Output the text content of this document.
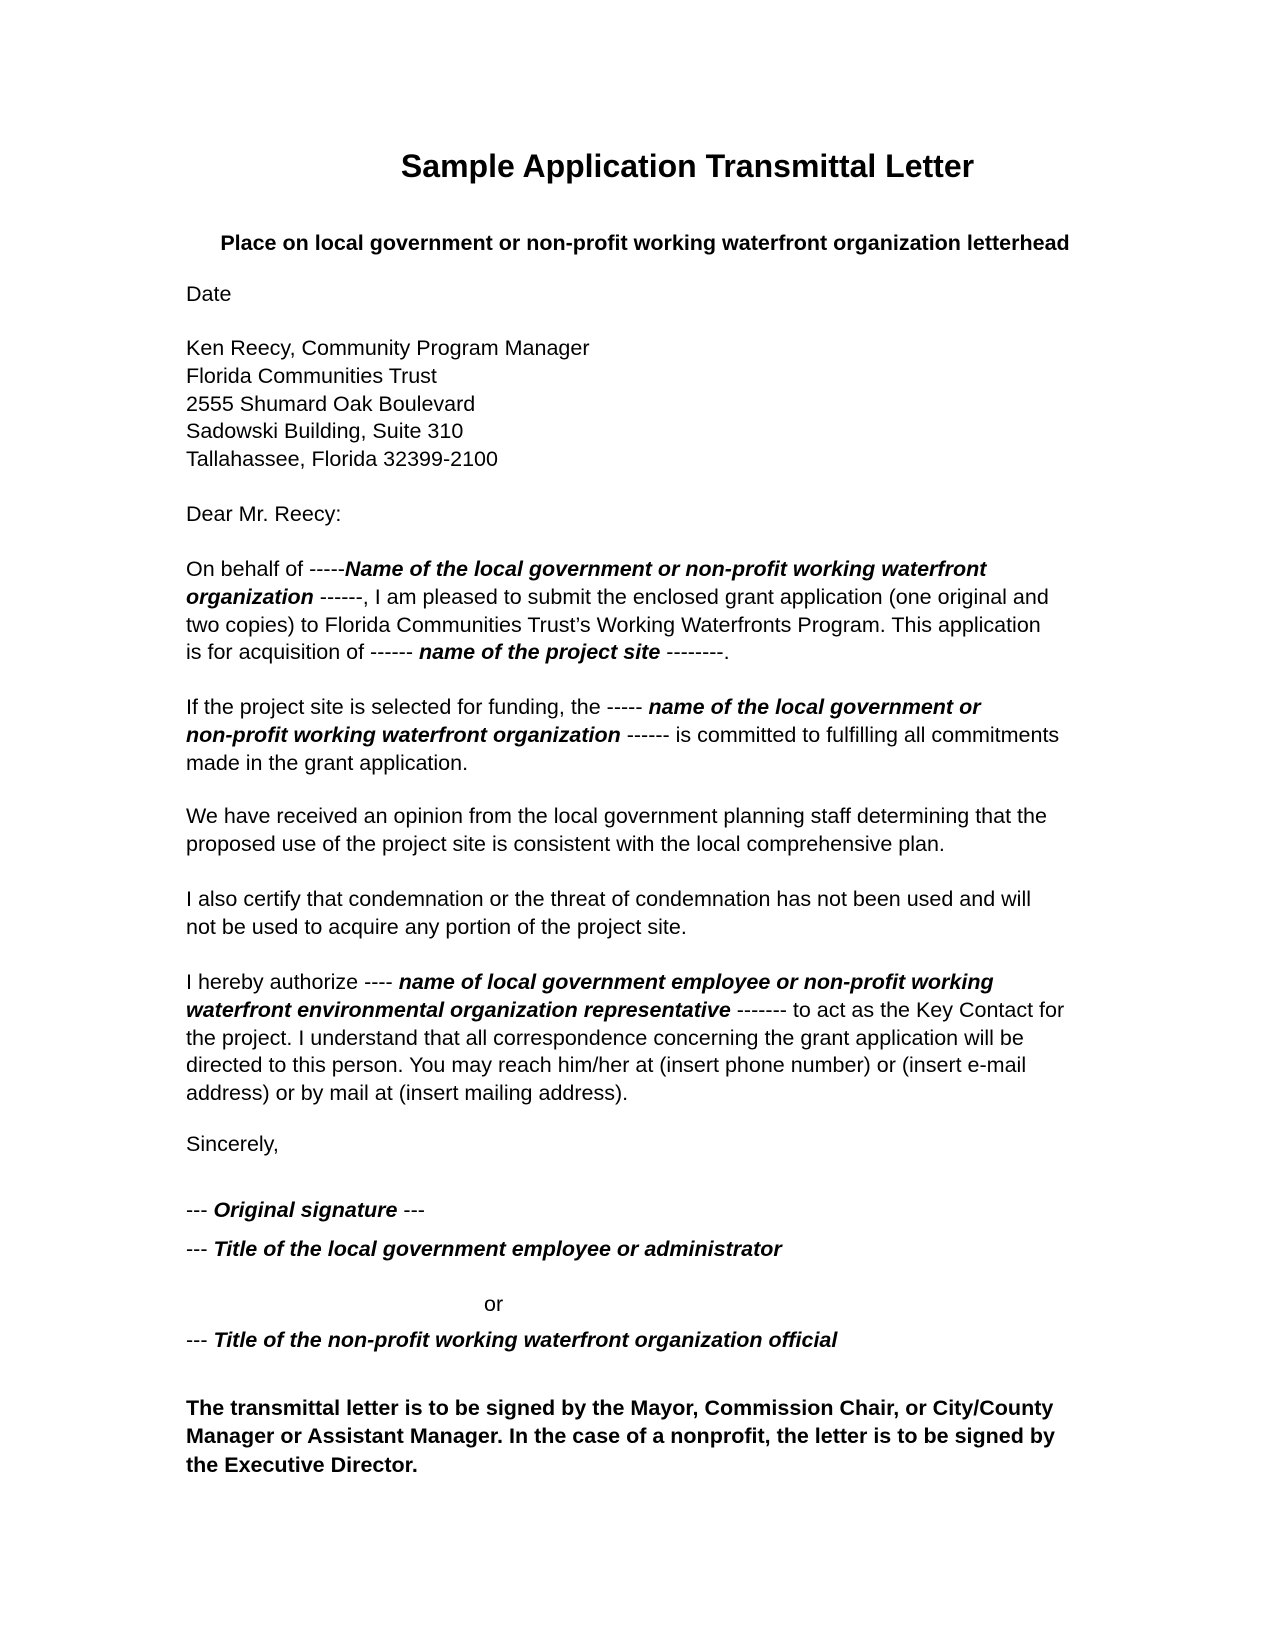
Sample Application Transmittal Letter

Place on local government or non-profit working waterfront organization letterhead

Date

Ken Reecy, Community Program Manager
Florida Communities Trust
2555 Shumard Oak Boulevard
Sadowski Building, Suite 310
Tallahassee, Florida 32399-2100

Dear Mr. Reecy:

On behalf of -----Name of the local government or non-profit working waterfront
organization ------, I am pleased to submit the enclosed grant application (one original and
two copies) to Florida Communities Trust’s Working Waterfronts Program. This application
is for acquisition of ------ name of the project site --------.
If the project site is selected for funding, the ----- name of the local government or
non-profit working waterfront organization ------ is committed to fulfilling all commitments
made in the grant application.
We have received an opinion from the local government planning staff determining that the
proposed use of the project site is consistent with the local comprehensive plan.
I also certify that condemnation or the threat of condemnation has not been used and will
not be used to acquire any portion of the project site.
I hereby authorize ---- name of local government employee or non-profit working
waterfront environmental organization representative ------- to act as the Key Contact for
the project. I understand that all correspondence concerning the grant application will be
directed to this person. You may reach him/her at (insert phone number) or (insert e-mail
address) or by mail at (insert mailing address).

Sincerely,

--- Original signature ---

--- Title of the local government employee or administrator

or

--- Title of the non-profit working waterfront organization official

The transmittal letter is to be signed by the Mayor, Commission Chair, or City/County
Manager or Assistant Manager. In the case of a nonprofit, the letter is to be signed by
the Executive Director.
